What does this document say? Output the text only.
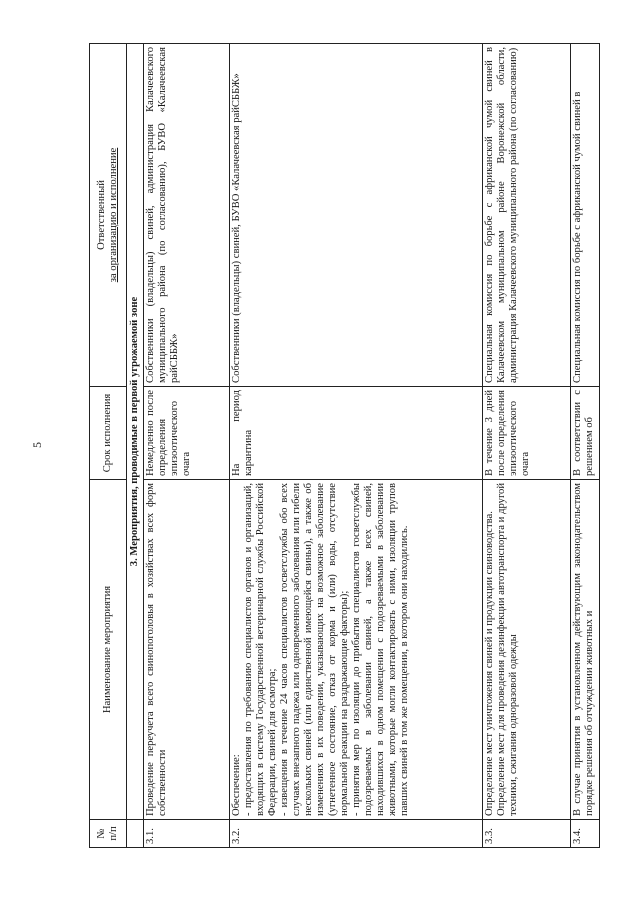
5
№ п/п	Наименование мероприятия	Срок исполнения	Ответственный за организацию и исполнение

	3. Мероприятия, проводимые в первой угрожаемой зоне		
3.1.	Проведение переучета всего свинопоголовья в хозяйствах всех форм собственности	Немедленно после определения эпизоотического очага	Собственники (владельцы) свиней, администрация Калачеевского муниципального района (по согласованию), БУВО «Калачеевская райСББЖ»
3.2.	Обеспечение: - предоставления по требованию специалистов органов и организаций, входящих в систему Государственной ветеринарной службы Российской Федерации, свиней для осмотра; - извещения в течение 24 часов специалистов госветслужбы обо всех случаях внезапного падежа или одновременного заболевания или гибели нескольких свиней (или единственной имеющейся свиньи), а также об изменениях в их поведении, указывающих на возможное заболевание (угнетенное состояние, отказ от корма и (или) воды, отсутствие нормальной реакции на раздражающие факторы); - принятия мер по изоляции до прибытия специалистов госветслужбы подозреваемых в заболевании свиней, а также всех свиней, находившихся в одном помещении с подозреваемыми в заболевании животными, которые могли контактировать с ними, изоляции трупов павших свиней в том же помещении, в котором они находились.	На период карантина	Собственники (владельцы) свиней, БУВО «Калачеевская райСББЖ»
3.3.	Определение мест уничтожения свиней и продукции свиноводства. Определение мест для проведения дезинфекции автотранспорта и другой техники, сжигания одноразовой одежды	В течение 3 дней после определения эпизоотического очага	Специальная комиссия по борьбе с африканской чумой свиней в Калачеевском муниципальном районе Воронежской области, администрация Калачеевского муниципального района (по согласованию)
3.4.	В случае принятия в установленном действующим законодательством порядке решения об отчуждении животных и	В соответствии с решением об	Специальная комиссия по борьбе с африканской чумой свиней в
